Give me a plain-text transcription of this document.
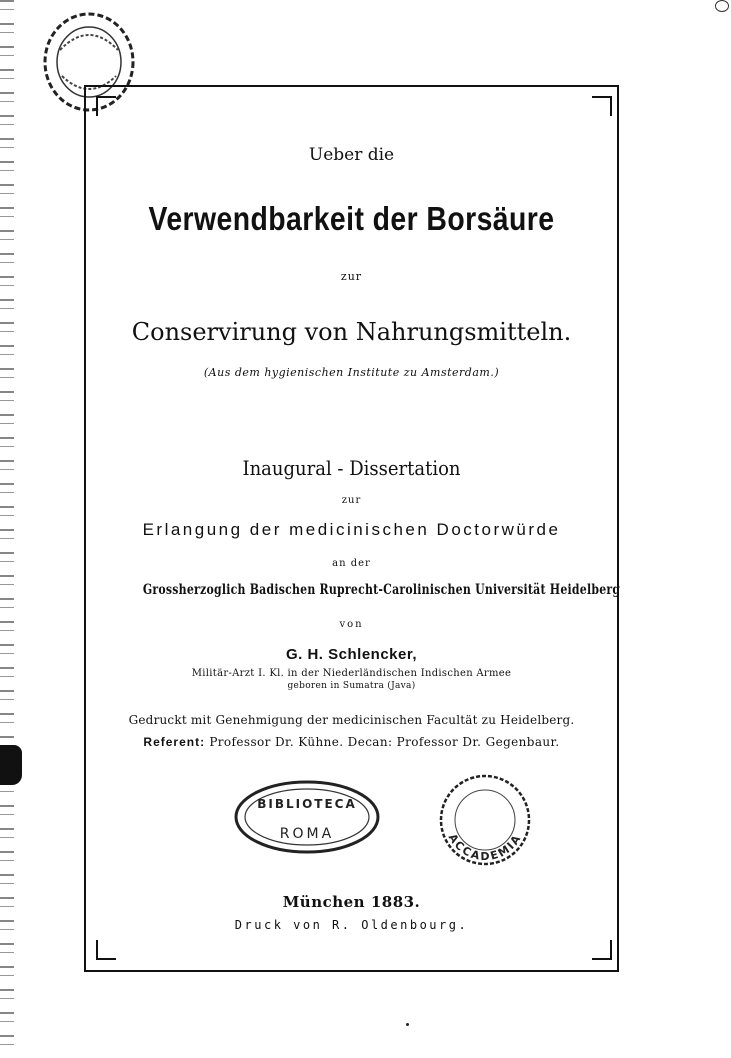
Ueber die
Verwendbarkeit der Borsäure
zur
Conservirung von Nahrungsmitteln.
(Aus dem hygienischen Institute zu Amsterdam.)
Inaugural - Dissertation
zur
Erlangung der medicinischen Doctorwürde
an der
Grossherzoglich Badischen Ruprecht-Carolinischen Universität Heidelberg
von
G. H. Schlencker,
Militär-Arzt I. Kl. in der Niederländischen Indischen Armee
geboren in Sumatra (Java)
Gedruckt mit Genehmigung der medicinischen Facultät zu Heidelberg.
Referent: Professor Dr. Kühne. Decan: Professor Dr. Gegenbaur.
BIBLIOTECA
ROMA	ACCADEMIA
München 1883.
Druck von R. Oldenbourg.
